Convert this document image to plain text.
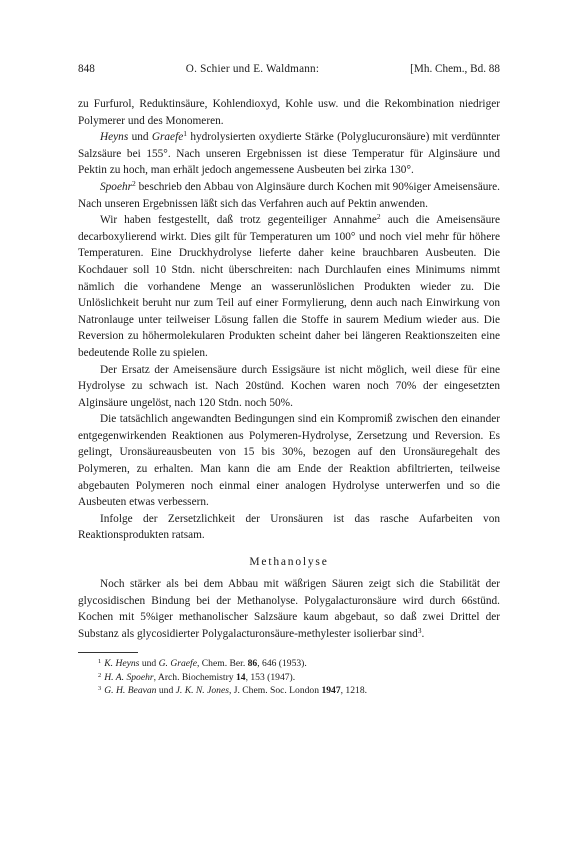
848	O. Schier und E. Waldmann:	[Mh. Chem., Bd. 88

zu Furfurol, Reduktinsäure, Kohlendioxyd, Kohle usw. und die Rekombination niedriger Polymerer und des Monomeren.

Heyns und Graefe$^1$ hydrolysierten oxydierte Stärke (Polyglucuronsäure) mit verdünnter Salzsäure bei 155°. Nach unseren Ergebnissen ist diese Temperatur für Alginsäure und Pektin zu hoch, man erhält jedoch angemessene Ausbeuten bei zirka 130°.

Spoehr$^2$ beschrieb den Abbau von Alginsäure durch Kochen mit 90%iger Ameisensäure. Nach unseren Ergebnissen läßt sich das Verfahren auch auf Pektin anwenden.

Wir haben festgestellt, daß trotz gegenteiliger Annahme$^2$ auch die Ameisensäure decarboxylierend wirkt. Dies gilt für Temperaturen um 100° und noch viel mehr für höhere Temperaturen. Eine Druckhydrolyse lieferte daher keine brauchbaren Ausbeuten. Die Kochdauer soll 10 Stdn. nicht überschreiten: nach Durchlaufen eines Minimums nimmt nämlich die vorhandene Menge an wasserunlöslichen Produkten wieder zu. Die Unlöslichkeit beruht nur zum Teil auf einer Formylierung, denn auch nach Einwirkung von Natronlauge unter teilweiser Lösung fallen die Stoffe in saurem Medium wieder aus. Die Reversion zu höhermolekularen Produkten scheint daher bei längeren Reaktionszeiten eine bedeutende Rolle zu spielen.

Der Ersatz der Ameisensäure durch Essigsäure ist nicht möglich, weil diese für eine Hydrolyse zu schwach ist. Nach 20stünd. Kochen waren noch 70% der eingesetzten Alginsäure ungelöst, nach 120 Stdn. noch 50%.

Die tatsächlich angewandten Bedingungen sind ein Kompromiß zwischen den einander entgegenwirkenden Reaktionen aus Polymeren-Hydrolyse, Zersetzung und Reversion. Es gelingt, Uronsäureausbeuten von 15 bis 30%, bezogen auf den Uronsäuregehalt des Polymeren, zu erhalten. Man kann die am Ende der Reaktion abfiltrierten, teilweise abgebauten Polymeren noch einmal einer analogen Hydrolyse unterwerfen und so die Ausbeuten etwas verbessern.

Infolge der Zersetzlichkeit der Uronsäuren ist das rasche Aufarbeiten von Reaktionsprodukten ratsam.

Methanolyse

Noch stärker als bei dem Abbau mit wäßrigen Säuren zeigt sich die Stabilität der glycosidischen Bindung bei der Methanolyse. Polygalacturonsäure wird durch 66stünd. Kochen mit 5%iger methanolischer Salzsäure kaum abgebaut, so daß zwei Drittel der Substanz als glycosidierter Polygalacturonsäure-methylester isolierbar sind$^3$.

$^1$ K. Heyns und G. Graefe, Chem. Ber. 86, 646 (1953).

$^2$ H. A. Spoehr, Arch. Biochemistry 14, 153 (1947).

$^3$ G. H. Beavan und J. K. N. Jones, J. Chem. Soc. London 1947, 1218.
